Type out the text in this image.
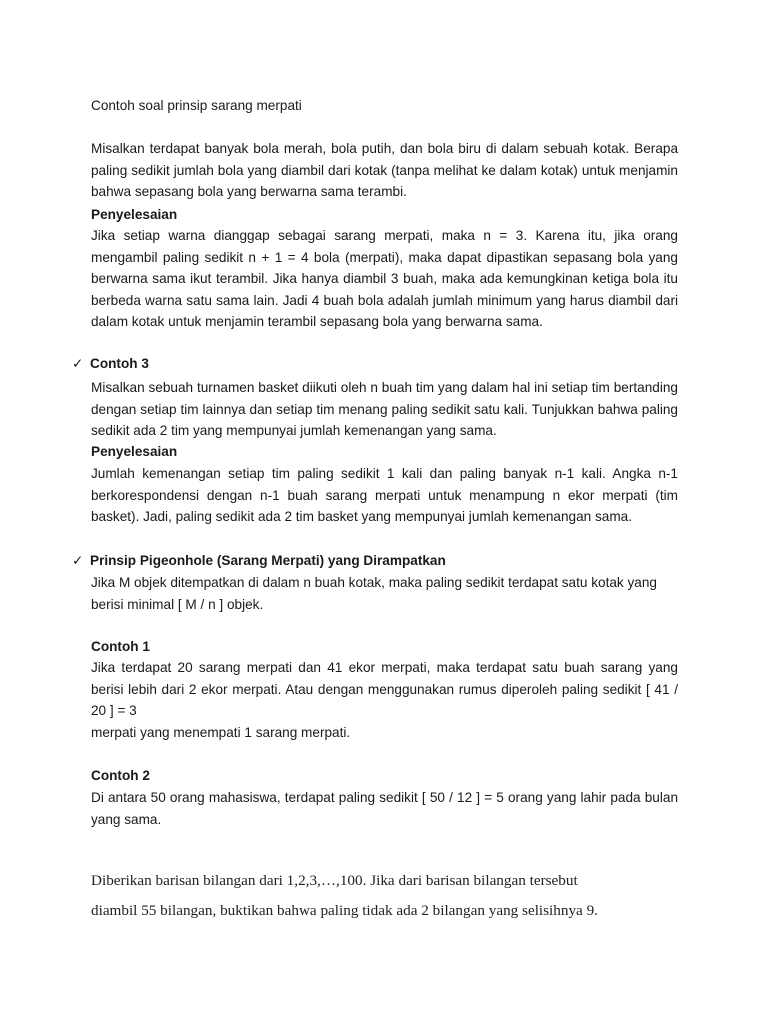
Contoh soal prinsip sarang merpati

Misalkan terdapat banyak bola merah, bola putih, dan bola biru di dalam sebuah kotak. Berapa paling sedikit jumlah bola yang diambil dari kotak (tanpa melihat ke dalam kotak) untuk menjamin bahwa sepasang bola yang berwarna sama terambi.

Penyelesaian

Jika setiap warna dianggap sebagai sarang merpati, maka n = 3. Karena itu, jika orang mengambil paling sedikit n + 1 = 4 bola (merpati), maka dapat dipastikan sepasang bola yang berwarna sama ikut terambil. Jika hanya diambil 3 buah, maka ada kemungkinan ketiga bola itu berbeda warna satu sama lain. Jadi 4 buah bola adalah jumlah minimum yang harus diambil dari dalam kotak untuk menjamin terambil sepasang bola yang berwarna sama.

✓ Contoh 3

Misalkan sebuah turnamen basket diikuti oleh n buah tim yang dalam hal ini setiap tim bertanding dengan setiap tim lainnya dan setiap tim menang paling sedikit satu kali. Tunjukkan bahwa paling sedikit ada 2 tim yang mempunyai jumlah kemenangan yang sama.

Penyelesaian

Jumlah kemenangan setiap tim paling sedikit 1 kali dan paling banyak n-1 kali. Angka n-1 berkorespondensi dengan n-1 buah sarang merpati untuk menampung n ekor merpati (tim basket). Jadi, paling sedikit ada 2 tim basket yang mempunyai jumlah kemenangan sama.

✓ Prinsip Pigeonhole (Sarang Merpati) yang Dirampatkan

Jika M objek ditempatkan di dalam n buah kotak, maka paling sedikit terdapat satu kotak yang berisi minimal [ M / n ] objek.

Contoh 1

Jika terdapat 20 sarang merpati dan 41 ekor merpati, maka terdapat satu buah sarang yang berisi lebih dari 2 ekor merpati. Atau dengan menggunakan rumus diperoleh paling sedikit [ 41 / 20 ] = 3

merpati yang menempati 1 sarang merpati.

Contoh 2

Di antara 50 orang mahasiswa, terdapat paling sedikit [ 50 / 12 ] = 5 orang yang lahir pada bulan yang sama.

Diberikan barisan bilangan dari 1,2,3,…,100. Jika dari barisan bilangan tersebut

diambil 55 bilangan, buktikan bahwa paling tidak ada 2 bilangan yang selisihnya 9.
